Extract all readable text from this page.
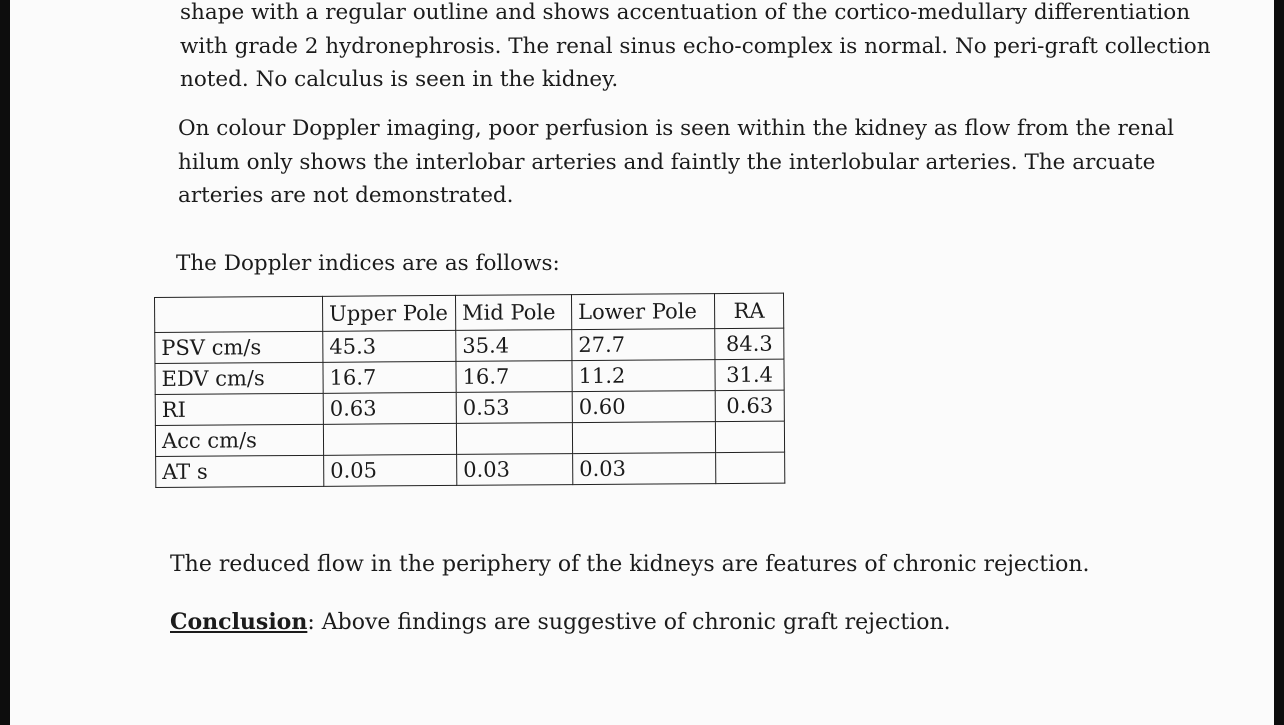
shape with a regular outline and shows accentuation of the cortico-medullary differentiation
with grade 2 hydronephrosis. The renal sinus echo-complex is normal. No peri-graft collection
noted. No calculus is seen in the kidney.
On colour Doppler imaging, poor perfusion is seen within the kidney as flow from the renal
hilum only shows the interlobar arteries and faintly the interlobular arteries. The arcuate
arteries are not demonstrated.
The Doppler indices are as follows:
	Upper Pole	Mid Pole	Lower Pole	RA
PSV cm/s	45.3	35.4	27.7	84.3
EDV cm/s	16.7	16.7	11.2	31.4
RI	0.63	0.53	0.60	0.63
Acc cm/s				
AT s	0.05	0.03	0.03	
The reduced flow in the periphery of the kidneys are features of chronic rejection.
Conclusion: Above findings are suggestive of chronic graft rejection.
